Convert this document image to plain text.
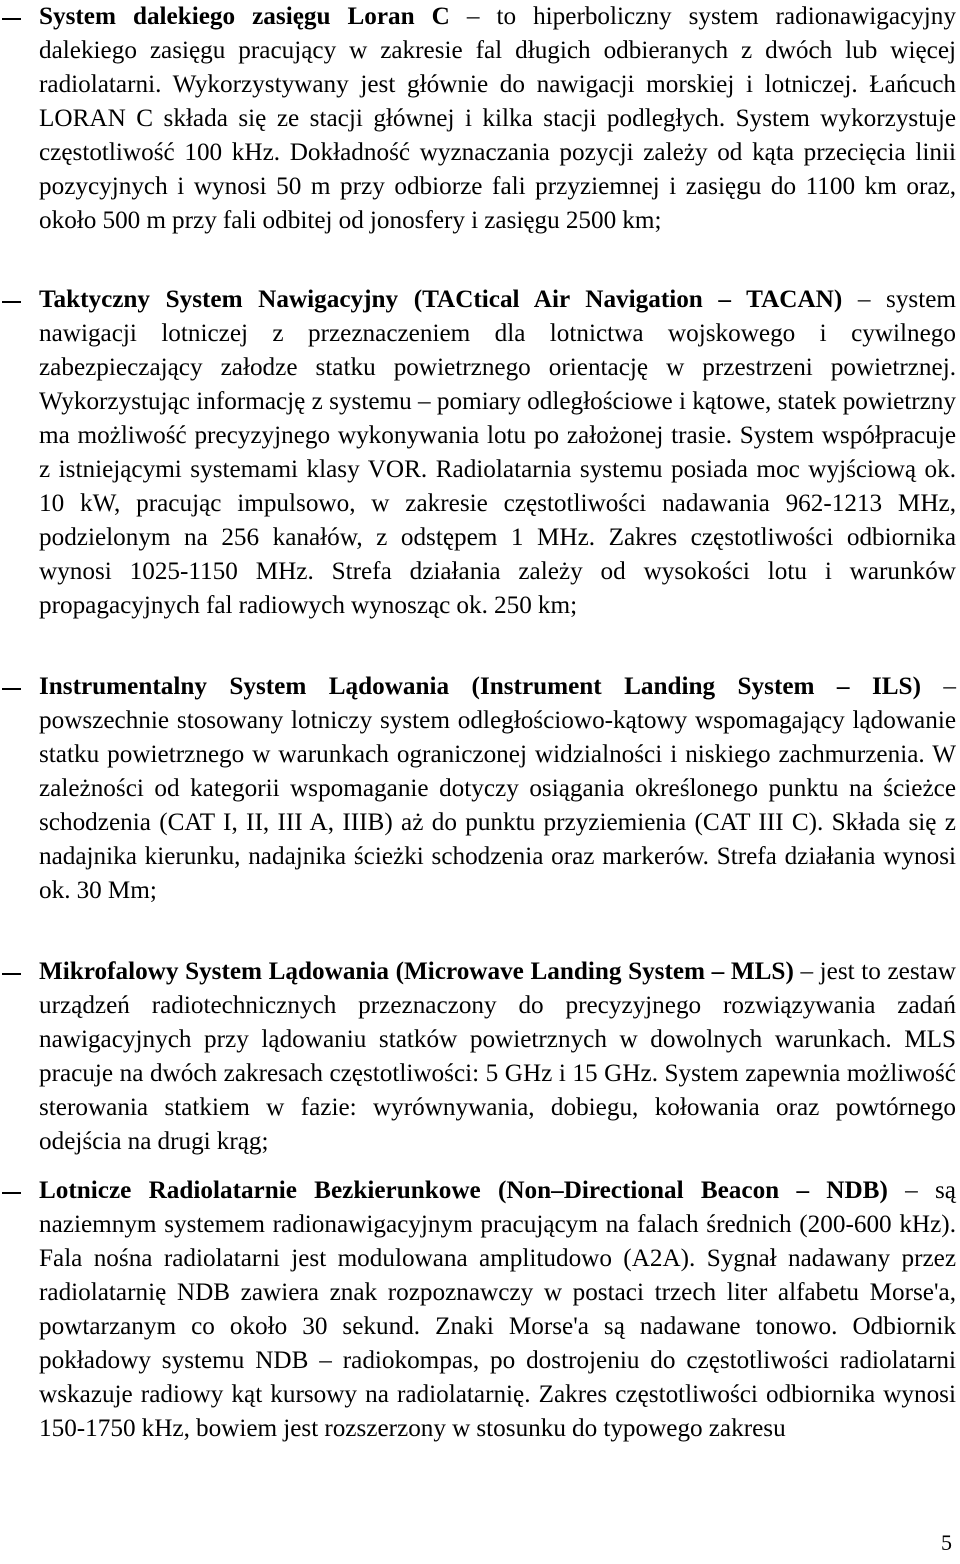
System dalekiego zasięgu Loran C – to hiperboliczny system radionawigacyjny dalekiego zasięgu pracujący w zakresie fal długich odbieranych z dwóch lub więcej radiolatarni. Wykorzystywany jest głównie do nawigacji morskiej i lotniczej. Łańcuch LORAN C składa się ze stacji głównej i kilka stacji podległych. System wykorzystuje częstotliwość 100 kHz. Dokładność wyznaczania pozycji zależy od kąta przecięcia linii pozycyjnych i wynosi 50 m przy odbiorze fali przyziemnej i zasięgu do 1100 km oraz, około 500 m przy fali odbitej od jonosfery i zasięgu 2500 km;
Taktyczny System Nawigacyjny (TACtical Air Navigation – TACAN) – system nawigacji lotniczej z przeznaczeniem dla lotnictwa wojskowego i cywilnego zabezpieczający załodze statku powietrznego orientację w przestrzeni powietrznej. Wykorzystując informację z systemu – pomiary odległościowe i kątowe, statek powietrzny ma możliwość precyzyjnego wykonywania lotu po założonej trasie. System współpracuje z istniejącymi systemami klasy VOR. Radiolatarnia systemu posiada moc wyjściową ok. 10 kW, pracując impulsowo, w zakresie częstotliwości nadawania 962-1213 MHz, podzielonym na 256 kanałów, z odstępem 1 MHz. Zakres częstotliwości odbiornika wynosi 1025-1150 MHz. Strefa działania zależy od wysokości lotu i warunków propagacyjnych fal radiowych wynosząc ok. 250 km;
Instrumentalny System Lądowania (Instrument Landing System – ILS) – powszechnie stosowany lotniczy system odległościowo-kątowy wspomagający lądowanie statku powietrznego w warunkach ograniczonej widzialności i niskiego zachmurzenia. W zależności od kategorii wspomaganie dotyczy osiągania określonego punktu na ścieżce schodzenia (CAT I, II, III A, IIIB) aż do punktu przyziemienia (CAT III C). Składa się z nadajnika kierunku, nadajnika ścieżki schodzenia oraz markerów. Strefa działania wynosi ok. 30 Mm;
Mikrofalowy System Lądowania (Microwave Landing System – MLS) – jest to zestaw urządzeń radiotechnicznych przeznaczony do precyzyjnego rozwiązywania zadań nawigacyjnych przy lądowaniu statków powietrznych w dowolnych warunkach. MLS pracuje na dwóch zakresach częstotliwości: 5 GHz i 15 GHz. System zapewnia możliwość sterowania statkiem w fazie: wyrównywania, dobiegu, kołowania oraz powtórnego odejścia na drugi krąg;
Lotnicze Radiolatarnie Bezkierunkowe (Non–Directional Beacon – NDB) – są naziemnym systemem radionawigacyjnym pracującym na falach średnich (200-600 kHz). Fala nośna radiolatarni jest modulowana amplitudowo (A2A). Sygnał nadawany przez radiolatarnię NDB zawiera znak rozpoznawczy w postaci trzech liter alfabetu Morse'a, powtarzanym co około 30 sekund. Znaki Morse'a są nadawane tonowo. Odbiornik pokładowy systemu NDB – radiokompas, po dostrojeniu do częstotliwości radiolatarni wskazuje radiowy kąt kursowy na radiolatarnię. Zakres częstotliwości odbiornika wynosi 150-1750 kHz, bowiem jest rozszerzony w stosunku do typowego zakresu
5
